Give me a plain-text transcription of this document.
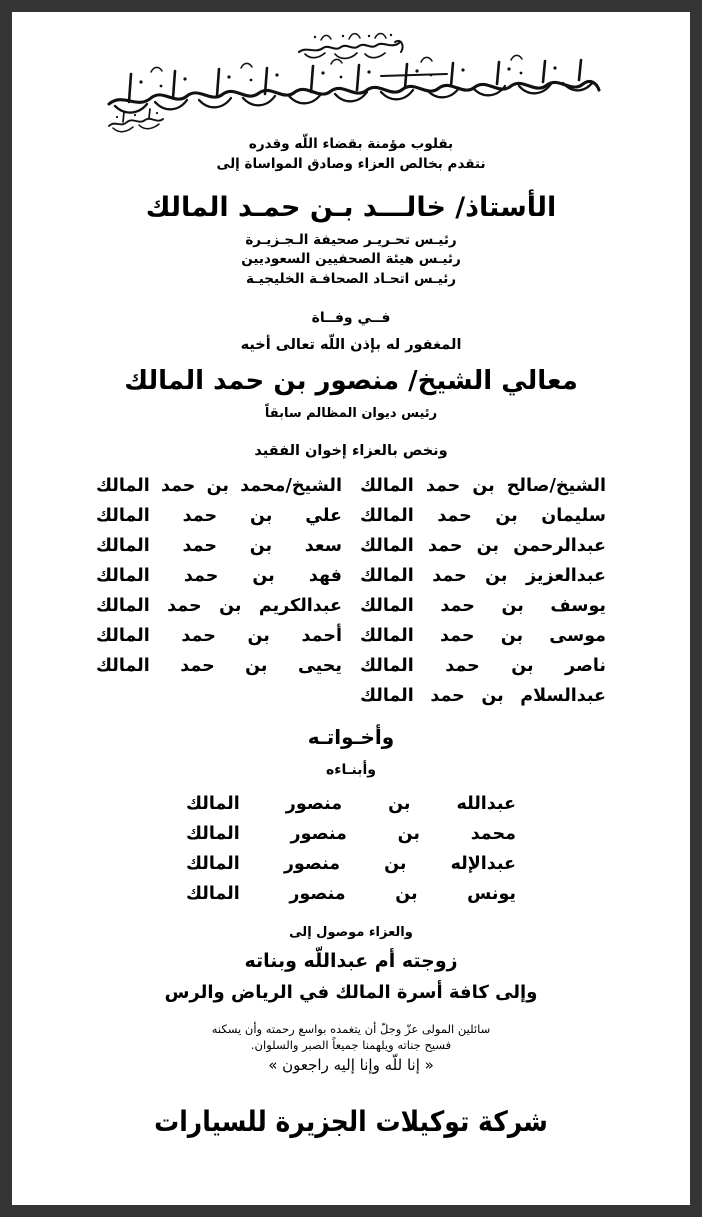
بقلوب مؤمنة بقضاء اللّه وقدره
نتقدم بخالص العزاء وصادق المواساة إلى
الأستاذ/ خالـــد بـن حمـد المالك
رئيـس تحـريـر صحيفة الـجـزيـرة
رئيـس هيئة الصحفيين السعوديين
رئيـس اتحـاد الصحافـة الخليجيـة
فــي وفــاة
المغفور له بإذن اللّه تعالى أخيه
معالي الشيخ/ منصور بن حمد المالك
رئيس ديوان المظالم سابقاً
ونخص بالعزاء إخوان الفقيد
الشيخ/صالح بن حمد المالك
الشيخ/محمد بن حمد المالك
سليمان بن حمد المالك
علي بن حمد المالك
عبدالرحمن بن حمد المالك
سعد بن حمد المالك
عبدالعزيز بن حمد المالك
فهد بن حمد المالك
يوسف بن حمد المالك
عبدالكريم بن حمد المالك
موسى بن حمد المالك
أحمد بن حمد المالك
ناصر بن حمد المالك
يحيى بن حمد المالك
عبدالسلام بن حمد المالك
وأخـواتـه
وأبنـاءه
عبدالله بن منصور المالك
محمد بن منصور المالك
عبدالإله بن منصور المالك
يونس بن منصور المالك
والعزاء موصول إلى
زوجته أم عبداللّه وبناته
وإلى كافة أسرة المالك في الرياض والرس
سائلين المولى عزّ وجلّ أن يتغمده بواسع رحمته وأن يسكنه
فسيح جناته ويلهمنا جميعاً الصبر والسلوان.
« إنا للّه وإنا إليه راجعون »
شركة توكيلات الجزيرة للسيارات
